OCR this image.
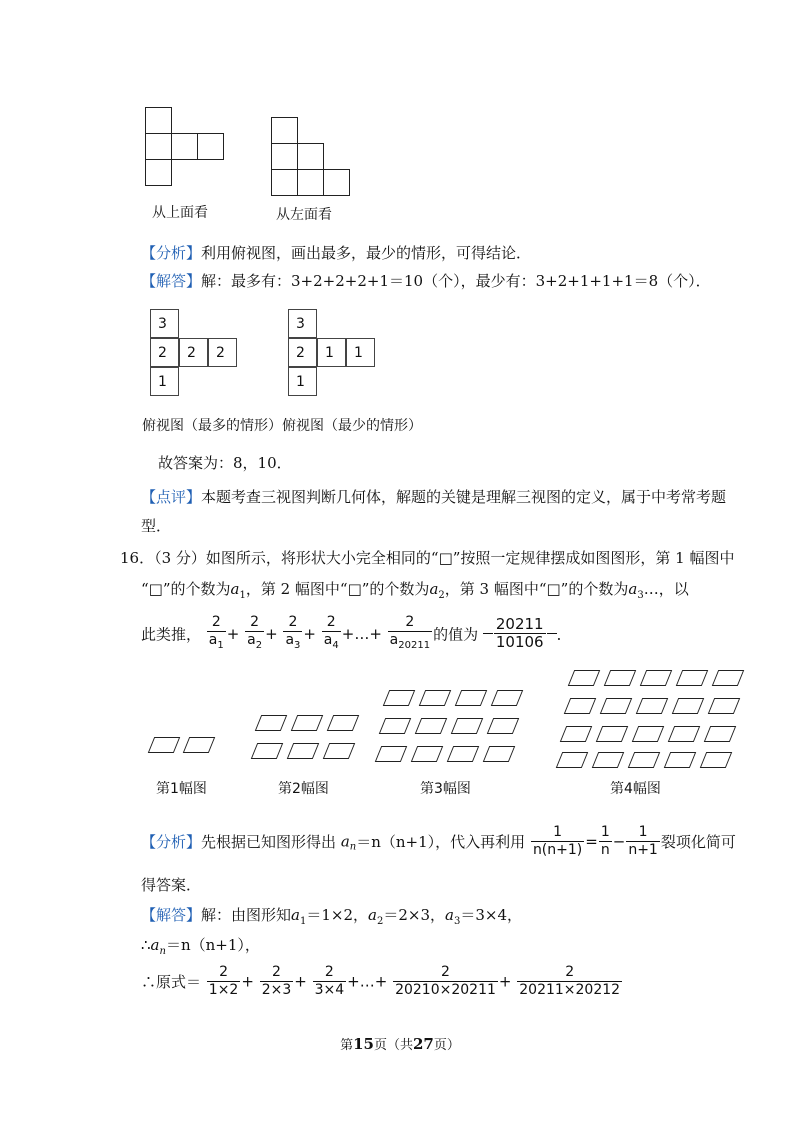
从上面看	从左面看
【分析】利用俯视图，画出最多，最少的情形，可得结论．
【解答】解：最多有：3+2+2+2+1＝10（个），最少有：3+2+1+1+1＝8（个）．
3
2 2 2
1
3
2 1 1
1
俯视图（最多的情形）俯视图（最少的情形）
故答案为：8，10．
【点评】本题考查三视图判断几何体，解题的关键是理解三视图的定义，属于中考常考题
型．
16．（3 分）如图所示，将形状大小完全相同的“□”按照一定规律摆成如图图形，第 1 幅图中
“□”的个数为$a_1$，第 2 幅图中“□”的个数为$a_2$，第 3 幅图中“□”的个数为$a_3\dots$，以
此类推， $\frac{2}{a_1} + \frac{2}{a_2} + \frac{2}{a_3} + \frac{2}{a_4}$ +…+ $\frac{2}{a_{20211}}$ 的值为 $\frac{20211}{10106}$ ．
第1幅图	第2幅图	第3幅图	第4幅图
【分析】先根据已知图形得出 $a_n=n(n+1)$，代入再利用 $\frac{1}{n(n+1)} = \frac{1}{n} - \frac{1}{n+1}$ 裂项化简可
得答案．
【解答】解：由图形知$a_1=1\times 2$，$a_2=2\times 3$，$a_3=3\times 4$，
$\therefore a_n=n(n+1)$，
∴原式＝ $\frac{2}{1\times 2} + \frac{2}{2\times 3} + \frac{2}{3\times 4}$ +…+ $\frac{2}{20210\times 20211} + \frac{2}{20211\times 20212}$
第15页（共27页）
